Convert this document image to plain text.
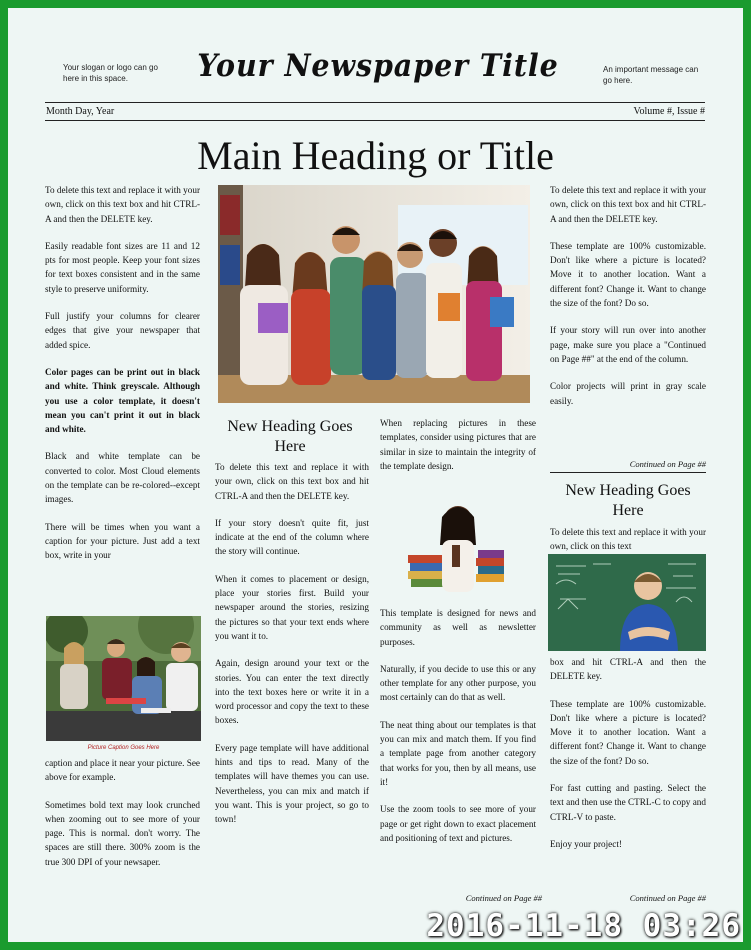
Your slogan or logo can go here in this space.	Your Newspaper Title	An important message can go here.
Month Day, Year	Volume #, Issue #
Main Heading or Title

To delete this text and replace it with your own, click on this text box and hit CTRL-A and then the DELETE key.

Easily readable font sizes are 11 and 12 pts for most people. Keep your font sizes for text boxes consistent and in the same style to preserve uniformity.

Full justify your columns for clearer edges that give your newspaper that added spice.

Color pages can be print out in black and white. Think greyscale. Although you use a color template, it doesn't mean you can't print it out in black and white.

Black and white template can be converted to color. Most Cloud elements on the template can be re-colored--except images.

There will be times when you want a caption for your picture. Just add a text box, write in your

Picture Caption Goes Here

caption and place it near your picture. See above for example.

Sometimes bold text may look crunched when zooming out to see more of your page. This is normal. don't worry. The spaces are still there. 300% zoom is the true 300 DPI of your newsaper.

New Heading Goes Here

To delete this text and replace it with your own, click on this text box and hit CTRL-A and then the DELETE key.

If your story doesn't quite fit, just indicate at the end of the column where the story will continue.

When it comes to placement or design, place your stories first. Build your newspaper around the stories, resizing the pictures so that your text ends where you want it to.

Again, design around your text or the stories. You can enter the text directly into the text boxes here or write it in a word processor and copy the text to these boxes.

Every page template will have additional hints and tips to read. Many of the templates will have themes you can use. Nevertheless, you can mix and match if you want. This is your project, so go to town!

When replacing pictures in these templates, consider using pictures that are similar in size to maintain the integrity of the template design.

This template is designed for news and community as well as newsletter purposes.

Naturally, if you decide to use this or any other template for any other purpose, you most certainly can do that as well.

The neat thing about our templates is that you can mix and match them. If you find a template page from another category that works for you, then by all means, use it!

Use the zoom tools to see more of your page or get right down to exact placement and positioning of text and pictures.

Continued on Page ##

To delete this text and replace it with your own, click on this text box and hit CTRL-A and then the DELETE key.

These template are 100% customizable. Don't like where a picture is located? Move it to another location. Want a different font? Change it. Want to change the size of the font? Do so.

If your story will run over into another page, make sure you place a "Continued on Page ##" at the end of the column.

Color projects will print in gray scale easily.

Continued on Page ##
New Heading Goes Here
To delete this text and replace it with your own, click on this text

box and hit CTRL-A and then the DELETE key.

These template are 100% customizable. Don't like where a picture is located? Move it to another location. Want a different font? Change it. Want to change the size of the font? Do so.

For fast cutting and pasting. Select the text and then use the CTRL-C to copy and CTRL-V to paste.

Enjoy your project!

Continued on Page ##
2016-11-18 03:26
